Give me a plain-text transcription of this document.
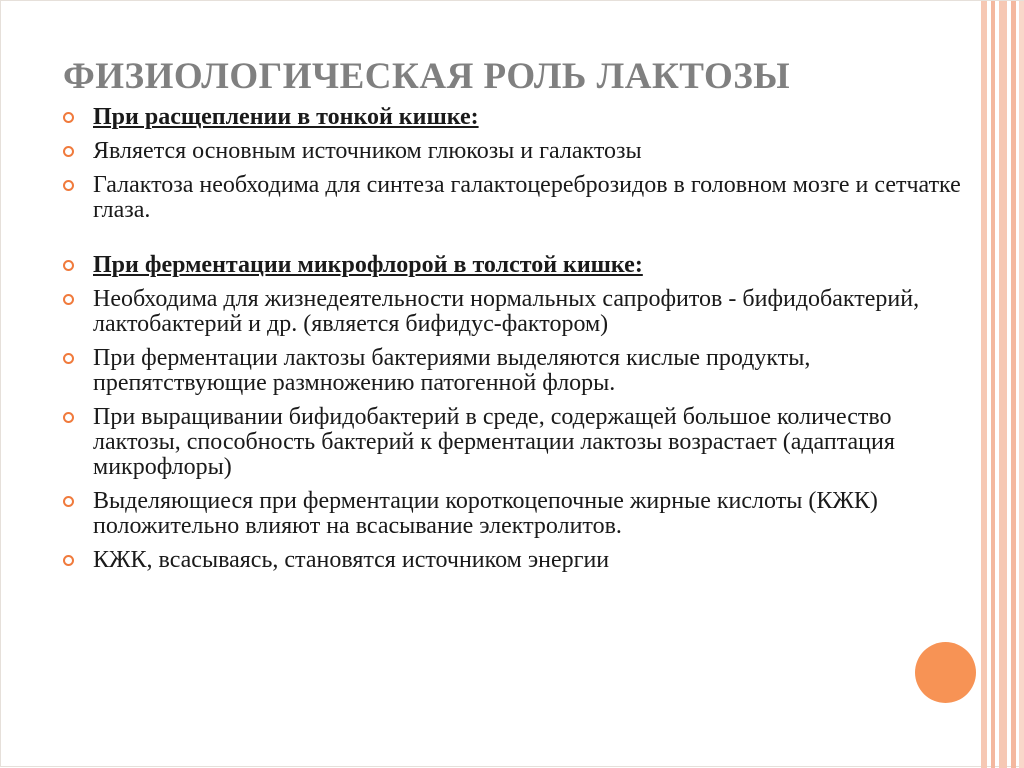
ФИЗИОЛОГИЧЕСКАЯ РОЛЬ ЛАКТОЗЫ
При расщеплении в тонкой кишке:
Является основным источником глюкозы и галактозы
Галактоза необходима для синтеза галактоцереброзидов в головном мозге и сетчатке глаза.
При ферментации микрофлорой в толстой кишке:
Необходима для жизнедеятельности нормальных сапрофитов - бифидобактерий, лактобактерий и др. (является бифидус-фактором)
При ферментации лактозы бактериями выделяются кислые продукты, препятствующие размножению патогенной флоры.
При выращивании бифидобактерий в среде, содержащей большое количество лактозы, способность бактерий к ферментации лактозы возрастает (адаптация микрофлоры)
Выделяющиеся при ферментации короткоцепочные жирные кислоты (КЖК) положительно влияют на всасывание электролитов.
КЖК, всасываясь, становятся источником энергии
